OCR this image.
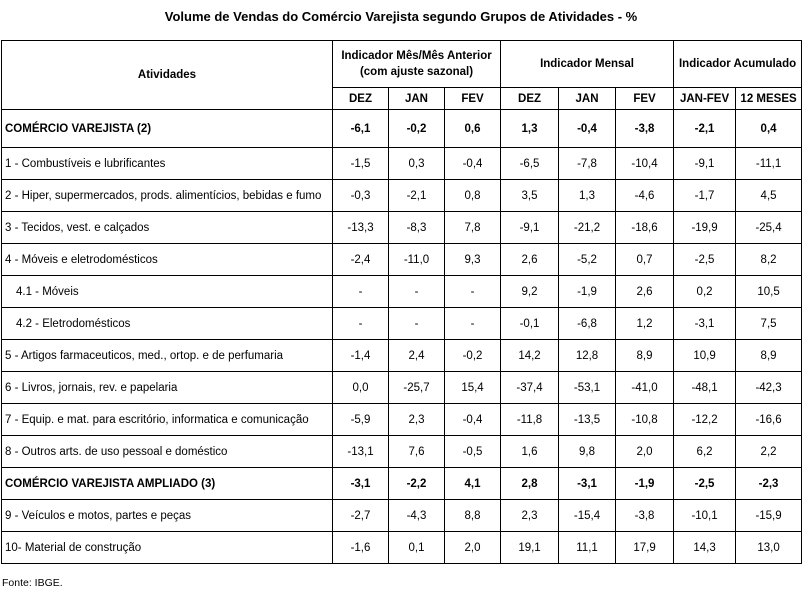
Volume de Vendas do Comércio Varejista segundo Grupos de Atividades - %
Atividades	Indicador Mês/Mês Anterior (com ajuste sazonal)			Indicador Mensal			Indicador Acumulado	
	DEZ	JAN	FEV	DEZ	JAN	FEV	JAN-FEV	12 MESES
COMÉRCIO VAREJISTA (2)	-6,1	-0,2	0,6	1,3	-0,4	-3,8	-2,1	0,4
1 - Combustíveis e lubrificantes	-1,5	0,3	-0,4	-6,5	-7,8	-10,4	-9,1	-11,1
2 - Hiper, supermercados, prods. alimentícios, bebidas e fumo	-0,3	-2,1	0,8	3,5	1,3	-4,6	-1,7	4,5
3 - Tecidos, vest. e calçados	-13,3	-8,3	7,8	-9,1	-21,2	-18,6	-19,9	-25,4
4 - Móveis e eletrodomésticos	-2,4	-11,0	9,3	2,6	-5,2	0,7	-2,5	8,2
4.1 - Móveis	-	-	-	9,2	-1,9	2,6	0,2	10,5
4.2 - Eletrodomésticos	-	-	-	-0,1	-6,8	1,2	-3,1	7,5
5 - Artigos farmaceuticos, med., ortop. e de perfumaria	-1,4	2,4	-0,2	14,2	12,8	8,9	10,9	8,9
6 - Livros, jornais, rev. e papelaria	0,0	-25,7	15,4	-37,4	-53,1	-41,0	-48,1	-42,3
7 - Equip. e mat. para escritório, informatica e comunicação	-5,9	2,3	-0,4	-11,8	-13,5	-10,8	-12,2	-16,6
8 - Outros arts. de uso pessoal e doméstico	-13,1	7,6	-0,5	1,6	9,8	2,0	6,2	2,2
COMÉRCIO VAREJISTA AMPLIADO (3)	-3,1	-2,2	4,1	2,8	-3,1	-1,9	-2,5	-2,3
9 - Veículos e motos, partes e peças	-2,7	-4,3	8,8	2,3	-15,4	-3,8	-10,1	-15,9
10- Material de construção	-1,6	0,1	2,0	19,1	11,1	17,9	14,3	13,0
Fonte: IBGE.
